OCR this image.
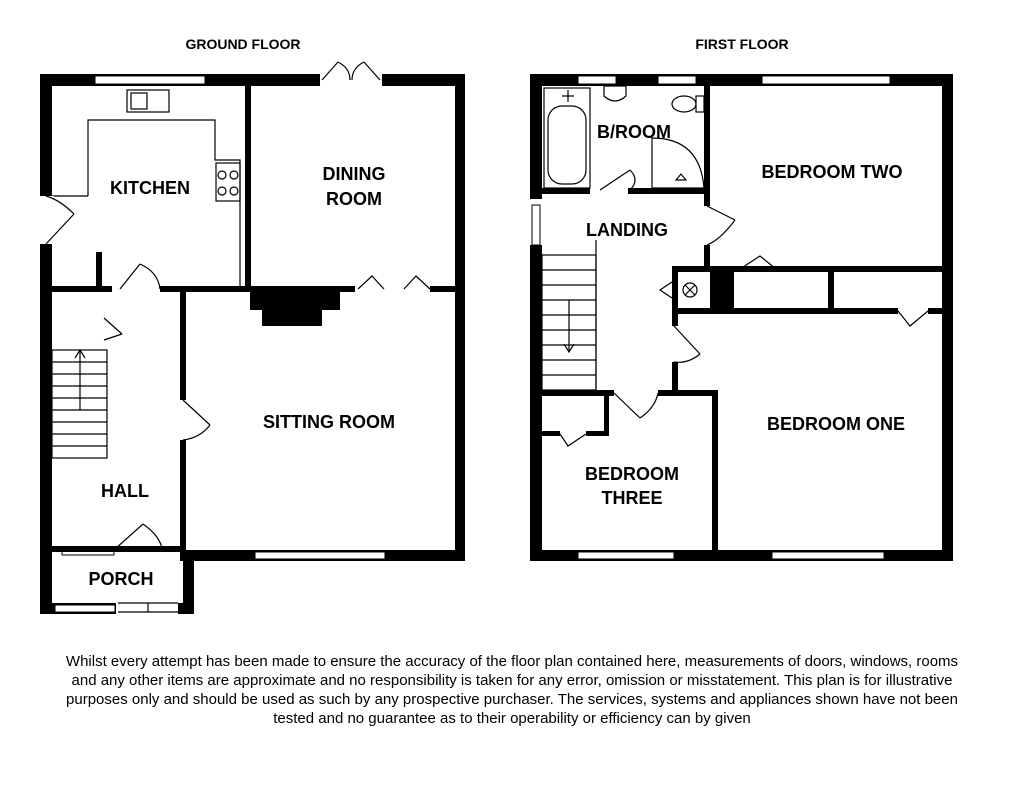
GROUND FLOOR
KITCHEN
DINING
ROOM
SITTING ROOM
HALL
PORCH
FIRST FLOOR
B/ROOM
BEDROOM TWO
LANDING
BEDROOM ONE
BEDROOM
THREE
Whilst every attempt has been made to ensure the accuracy of the floor plan contained here, measurements of doors, windows, rooms and any other items are approximate and no responsibility is taken for any error, omission or misstatement. This plan is for illustrative purposes only and should be used as such by any prospective purchaser. The services, systems and appliances shown have not been tested and no guarantee as to their operability or efficiency can by given
